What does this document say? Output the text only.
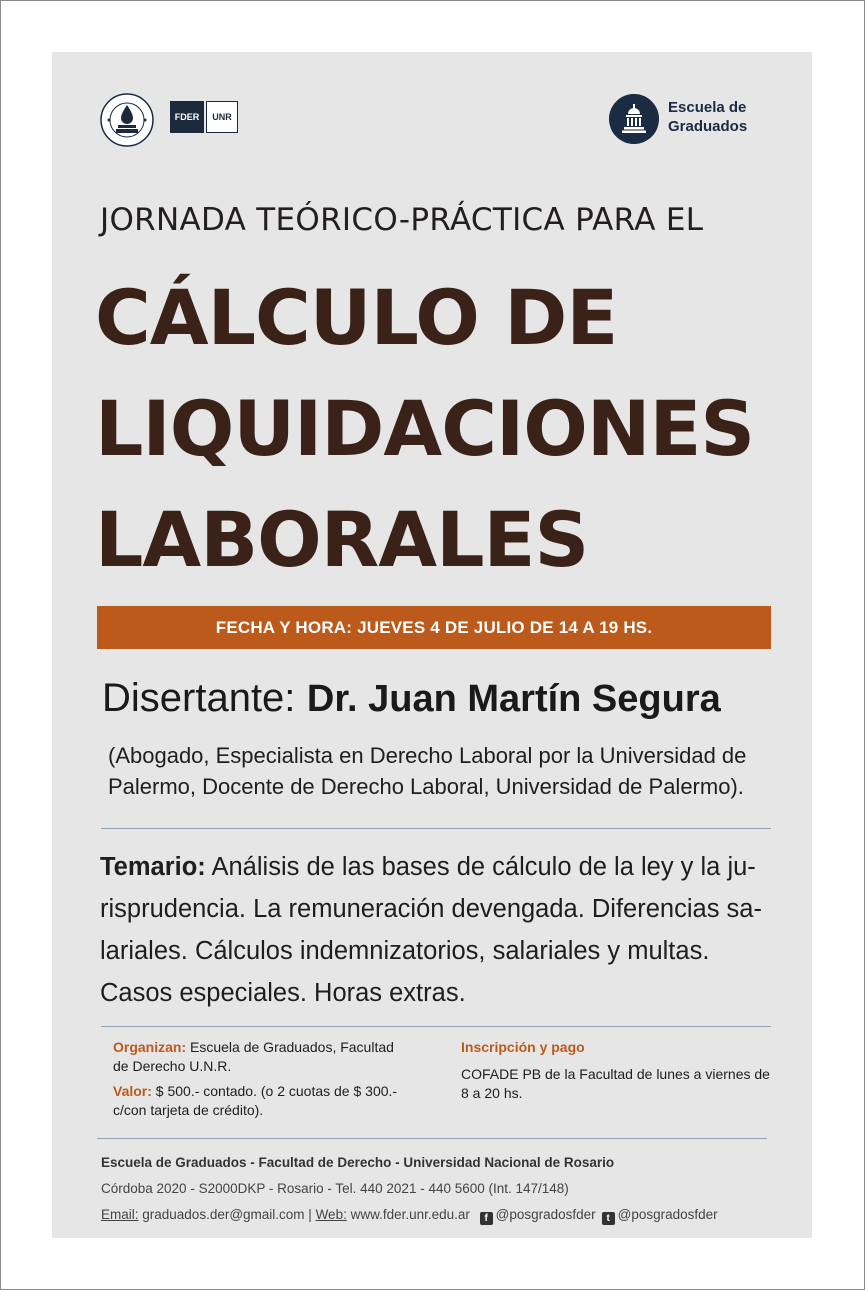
FDER	UNR
Escuela de
Graduados
JORNADA TEÓRICO-PRÁCTICA PARA EL
CÁLCULO DE
LIQUIDACIONES
LABORALES
FECHA Y HORA: JUEVES 4 DE JULIO DE 14 A 19 HS.
Disertante: Dr. Juan Martín Segura
(Abogado, Especialista en Derecho Laboral por la Universidad de
Palermo, Docente de Derecho Laboral, Universidad de Palermo).
Temario: Análisis de las bases de cálculo de la ley y la ju-
risprudencia. La remuneración devengada. Diferencias sa-
lariales. Cálculos indemnizatorios, salariales y multas.
Casos especiales. Horas extras.
Organizan: Escuela de Graduados, Facultad
de Derecho U.N.R.
Valor: $ 500.- contado. (o 2 cuotas de $ 300.-
c/con tarjeta de crédito).
Inscripción y pago
COFADE PB de la Facultad de lunes a viernes de
8 a 20 hs.
Escuela de Graduados - Facultad de Derecho - Universidad Nacional de Rosario
Córdoba 2020 - S2000DKP - Rosario - Tel. 440 2021 - 440 5600 (Int. 147/148)
Email: graduados.der@gmail.com | Web: www.fder.unr.edu.ar f @posgradosfder t @posgradosfder
